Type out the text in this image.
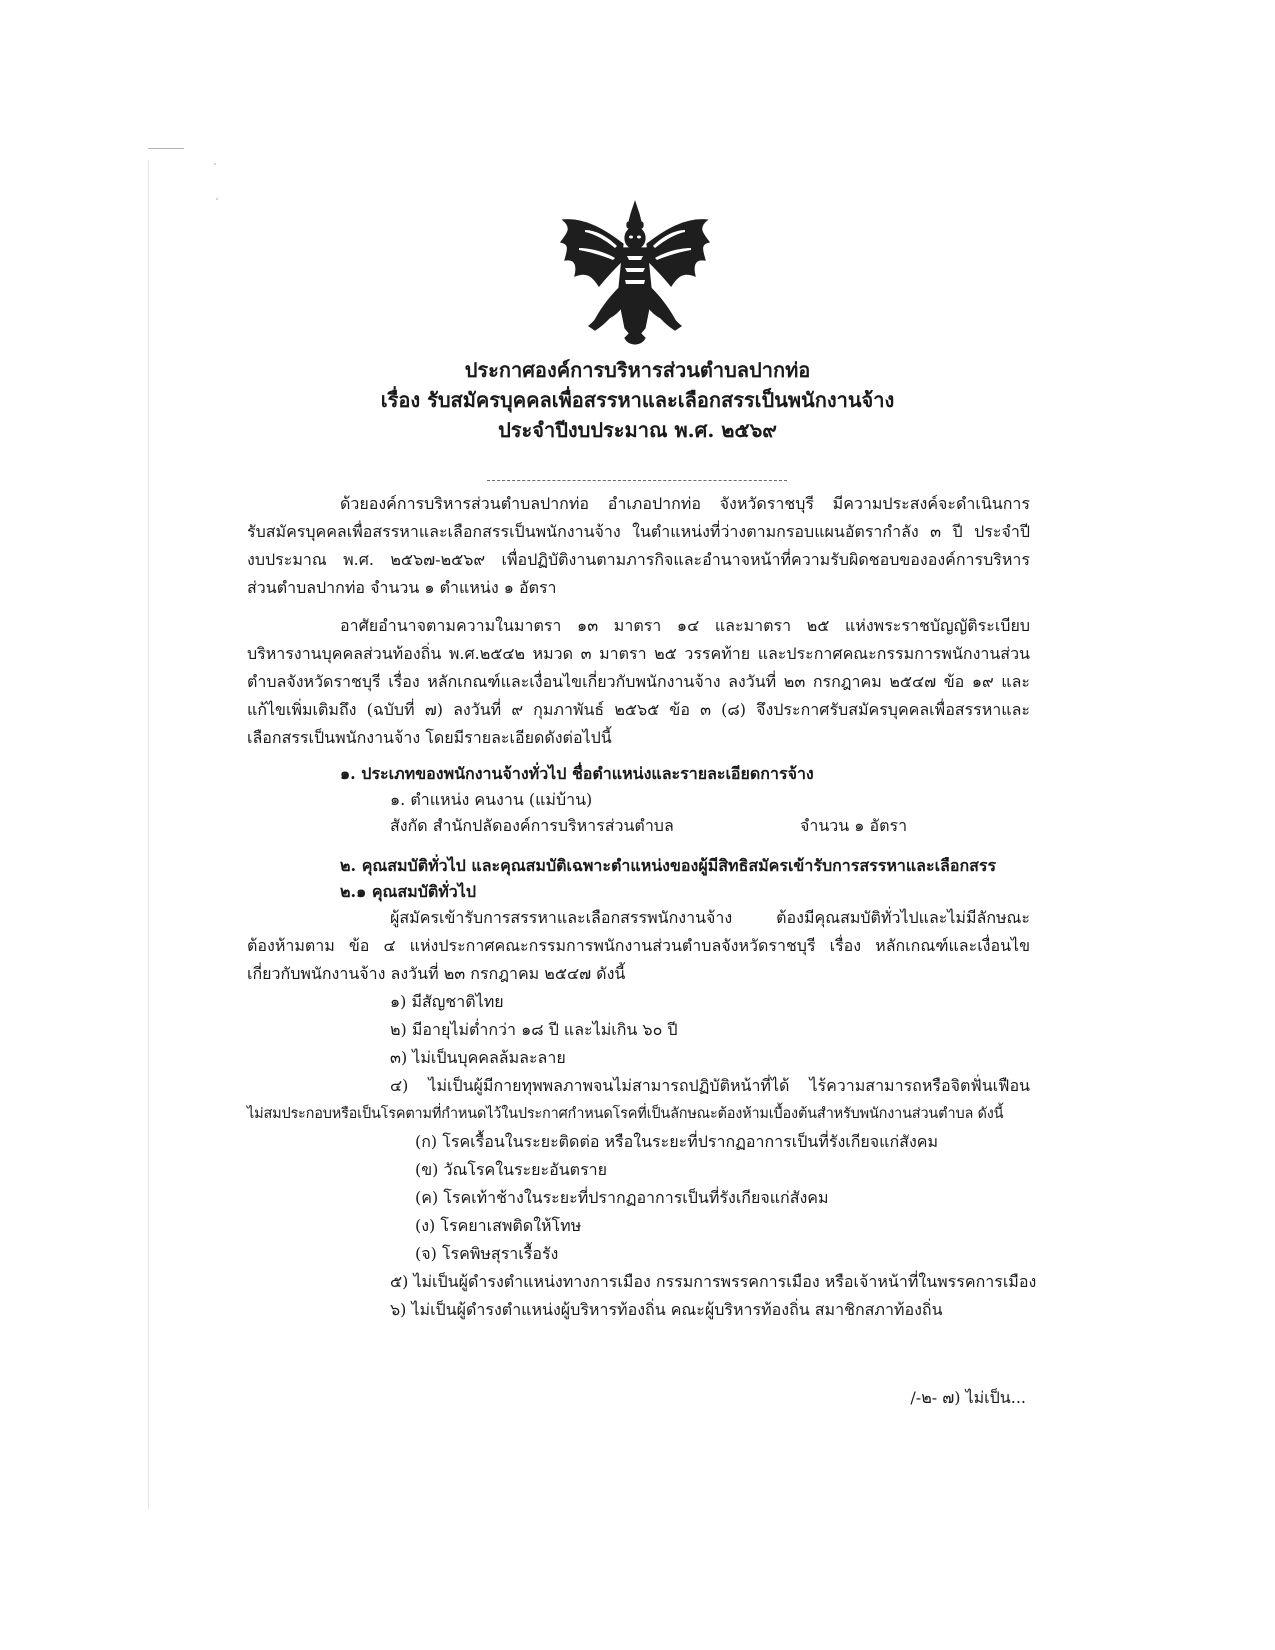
ประกาศองค์การบริหารส่วนตำบลปากท่อ
เรื่อง รับสมัครบุคคลเพื่อสรรหาและเลือกสรรเป็นพนักงานจ้าง
ประจำปีงบประมาณ พ.ศ. ๒๕๖๙
ด้วยองค์การบริหารส่วนตำบลปากท่อ อำเภอปากท่อ จังหวัดราชบุรี มีความประสงค์จะดำเนินการ
รับสมัครบุคคลเพื่อสรรหาและเลือกสรรเป็นพนักงานจ้าง ในตำแหน่งที่ว่างตามกรอบแผนอัตรากำลัง ๓ ปี ประจำปี
งบประมาณ พ.ศ. ๒๕๖๗-๒๕๖๙ เพื่อปฏิบัติงานตามภารกิจและอำนาจหน้าที่ความรับผิดชอบขององค์การบริหาร
ส่วนตำบลปากท่อ จำนวน ๑ ตำแหน่ง ๑ อัตรา
อาศัยอำนาจตามความในมาตรา ๑๓ มาตรา ๑๔ และมาตรา ๒๕ แห่งพระราชบัญญัติระเบียบ
บริหารงานบุคคลส่วนท้องถิ่น พ.ศ.๒๕๔๒ หมวด ๓ มาตรา ๒๕ วรรคท้าย และประกาศคณะกรรมการพนักงานส่วน
ตำบลจังหวัดราชบุรี เรื่อง หลักเกณฑ์และเงื่อนไขเกี่ยวกับพนักงานจ้าง ลงวันที่ ๒๓ กรกฎาคม ๒๕๔๗ ข้อ ๑๙ และ
แก้ไขเพิ่มเติมถึง (ฉบับที่ ๗) ลงวันที่ ๙ กุมภาพันธ์ ๒๕๖๕ ข้อ ๓ (๘) จึงประกาศรับสมัครบุคคลเพื่อสรรหาและ
เลือกสรรเป็นพนักงานจ้าง โดยมีรายละเอียดดังต่อไปนี้
๑. ประเภทของพนักงานจ้างทั่วไป ชื่อตำแหน่งและรายละเอียดการจ้าง
๑. ตำแหน่ง คนงาน (แม่บ้าน)
สังกัด สำนักปลัดองค์การบริหารส่วนตำบล	จำนวน ๑ อัตรา
๒. คุณสมบัติทั่วไป และคุณสมบัติเฉพาะตำแหน่งของผู้มีสิทธิสมัครเข้ารับการสรรหาและเลือกสรร
๒.๑ คุณสมบัติทั่วไป
ผู้สมัครเข้ารับการสรรหาและเลือกสรรพนักงานจ้าง ต้องมีคุณสมบัติทั่วไปและไม่มีลักษณะ
ต้องห้ามตาม ข้อ ๔ แห่งประกาศคณะกรรมการพนักงานส่วนตำบลจังหวัดราชบุรี เรื่อง หลักเกณฑ์และเงื่อนไข
เกี่ยวกับพนักงานจ้าง ลงวันที่ ๒๓ กรกฎาคม ๒๕๔๗ ดังนี้
๑) มีสัญชาติไทย
๒) มีอายุไม่ต่ำกว่า ๑๘ ปี และไม่เกิน ๖๐ ปี
๓) ไม่เป็นบุคคลล้มละลาย
๔) ไม่เป็นผู้มีกายทุพพลภาพจนไม่สามารถปฏิบัติหน้าที่ได้ ไร้ความสามารถหรือจิตฟั่นเฟือน
ไม่สมประกอบหรือเป็นโรคตามที่กำหนดไว้ในประกาศกำหนดโรคที่เป็นลักษณะต้องห้ามเบื้องต้นสำหรับพนักงานส่วนตำบล ดังนี้
(ก) โรคเรื้อนในระยะติดต่อ หรือในระยะที่ปรากฏอาการเป็นที่รังเกียจแก่สังคม
(ข) วัณโรคในระยะอันตราย
(ค) โรคเท้าช้างในระยะที่ปรากฏอาการเป็นที่รังเกียจแก่สังคม
(ง) โรคยาเสพติดให้โทษ
(จ) โรคพิษสุราเรื้อรัง
๕) ไม่เป็นผู้ดำรงตำแหน่งทางการเมือง กรรมการพรรคการเมือง หรือเจ้าหน้าที่ในพรรคการเมือง
๖) ไม่เป็นผู้ดำรงตำแหน่งผู้บริหารท้องถิ่น คณะผู้บริหารท้องถิ่น สมาชิกสภาท้องถิ่น
/-๒- ๗) ไม่เป็น...
